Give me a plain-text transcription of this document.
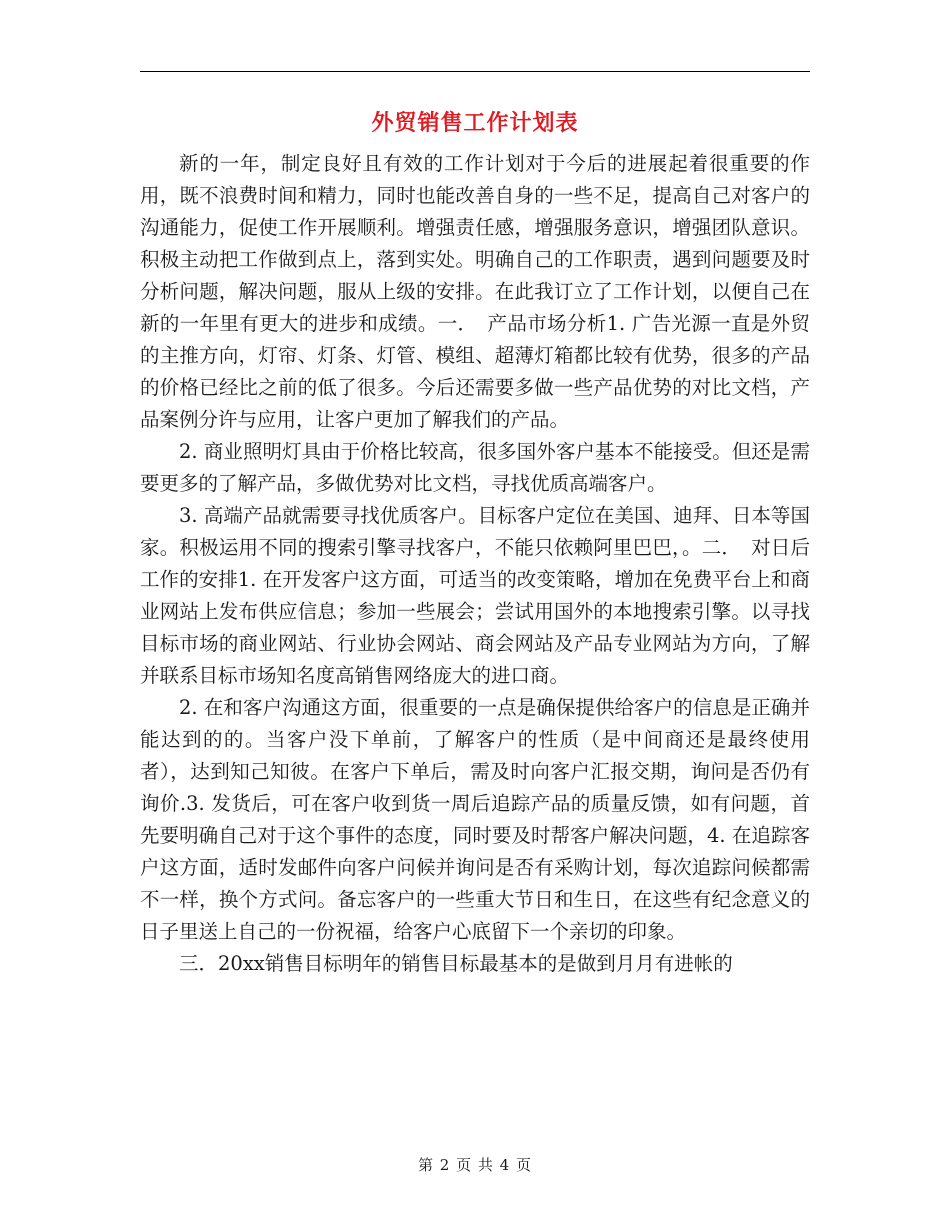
外贸销售工作计划表

新的一年，制定良好且有效的工作计划对于今后的进展起着很重要的作用，既不浪费时间和精力，同时也能改善自身的一些不足，提高自己对客户的沟通能力，促使工作开展顺利。增强责任感，增强服务意识，增强团队意识。积极主动把工作做到点上，落到实处。明确自己的工作职责，遇到问题要及时分析问题，解决问题，服从上级的安排。在此我订立了工作计划，以便自己在新的一年里有更大的进步和成绩。一．　产品市场分析1. 广告光源一直是外贸的主推方向，灯帘、灯条、灯管、模组、超薄灯箱都比较有优势，很多的产品的价格已经比之前的低了很多。今后还需要多做一些产品优势的对比文档，产品案例分许与应用，让客户更加了解我们的产品。

2. 商业照明灯具由于价格比较高，很多国外客户基本不能接受。但还是需要更多的了解产品，多做优势对比文档，寻找优质高端客户。

3. 高端产品就需要寻找优质客户。目标客户定位在美国、迪拜、日本等国家。积极运用不同的搜索引擎寻找客户，不能只依赖阿里巴巴，。二．　对日后工作的安排1. 在开发客户这方面，可适当的改变策略，增加在免费平台上和商业网站上发布供应信息；参加一些展会；尝试用国外的本地搜索引擎。以寻找目标市场的商业网站、行业协会网站、商会网站及产品专业网站为方向，了解并联系目标市场知名度高销售网络庞大的进口商。

2. 在和客户沟通这方面，很重要的一点是确保提供给客户的信息是正确并能达到的的。当客户没下单前，了解客户的性质（是中间商还是最终使用者），达到知己知彼。在客户下单后，需及时向客户汇报交期，询问是否仍有询价.3. 发货后，可在客户收到货一周后追踪产品的质量反馈，如有问题，首先要明确自己对于这个事件的态度，同时要及时帮客户解决问题，4. 在追踪客户这方面，适时发邮件向客户问候并询问是否有采购计划，每次追踪问候都需不一样，换个方式问。备忘客户的一些重大节日和生日，在这些有纪念意义的日子里送上自己的一份祝福，给客户心底留下一个亲切的印象。

三．20xx销售目标明年的销售目标最基本的是做到月月有进帐的

第 2 页 共 4 页
